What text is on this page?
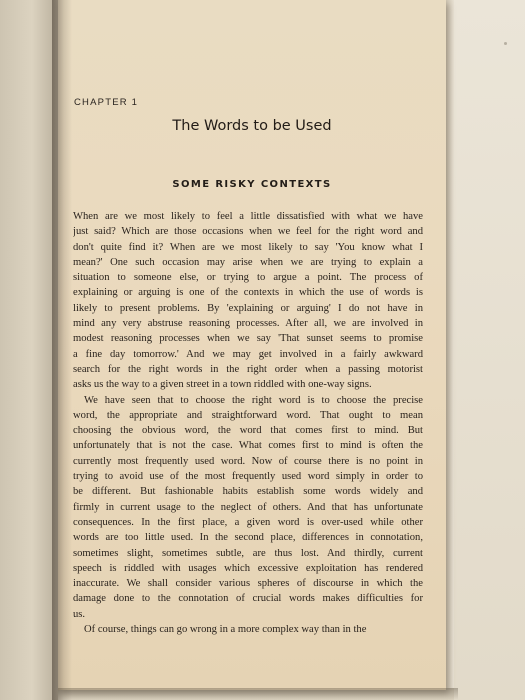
CHAPTER 1
The Words to be Used
SOME RISKY CONTEXTS
When are we most likely to feel a little dissatisfied with what we have
just said? Which are those occasions when we feel for the right word and
don't quite find it? When are we most likely to say 'You know what I
mean?' One such occasion may arise when we are trying to explain a
situation to someone else, or trying to argue a point. The process of
explaining or arguing is one of the contexts in which the use of words is
likely to present problems. By 'explaining or arguing' I do not have in
mind any very abstruse reasoning processes. After all, we are involved in
modest reasoning processes when we say 'That sunset seems to promise
a fine day tomorrow.' And we may get involved in a fairly awkward
search for the right words in the right order when a passing motorist
asks us the way to a given street in a town riddled with one-way signs.
We have seen that to choose the right word is to choose the precise
word, the appropriate and straightforward word. That ought to mean
choosing the obvious word, the word that comes first to mind. But
unfortunately that is not the case. What comes first to mind is often the
currently most frequently used word. Now of course there is no point in
trying to avoid use of the most frequently used word simply in order to
be different. But fashionable habits establish some words widely and
firmly in current usage to the neglect of others. And that has unfortunate
consequences. In the first place, a given word is over-used while other
words are too little used. In the second place, differences in connotation,
sometimes slight, sometimes subtle, are thus lost. And thirdly, current
speech is riddled with usages which excessive exploitation has rendered
inaccurate. We shall consider various spheres of discourse in which the
damage done to the connotation of crucial words makes difficulties for
us.
Of course, things can go wrong in a more complex way than in the
